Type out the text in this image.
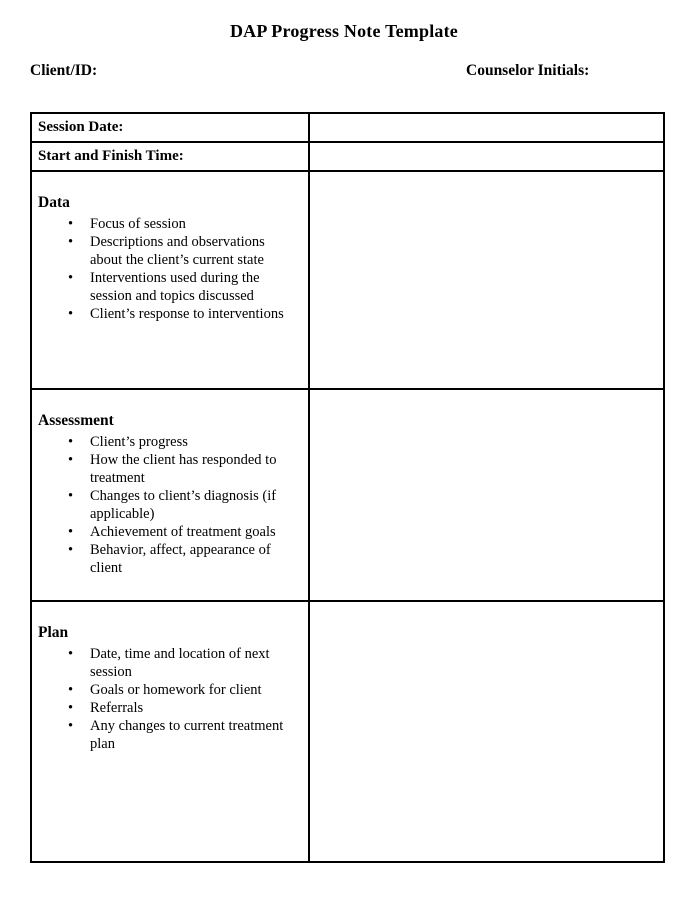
DAP Progress Note Template
Client/ID:	Counselor Initials:
Session Date:
Start and Finish Time:
Data
• Focus of session
• Descriptions and observations about the client’s current state
• Interventions used during the session and topics discussed
• Client’s response to interventions
Assessment
• Client’s progress
• How the client has responded to treatment
• Changes to client’s diagnosis (if applicable)
• Achievement of treatment goals
• Behavior, affect, appearance of client
Plan
• Date, time and location of next session
• Goals or homework for client
• Referrals
• Any changes to current treatment plan
